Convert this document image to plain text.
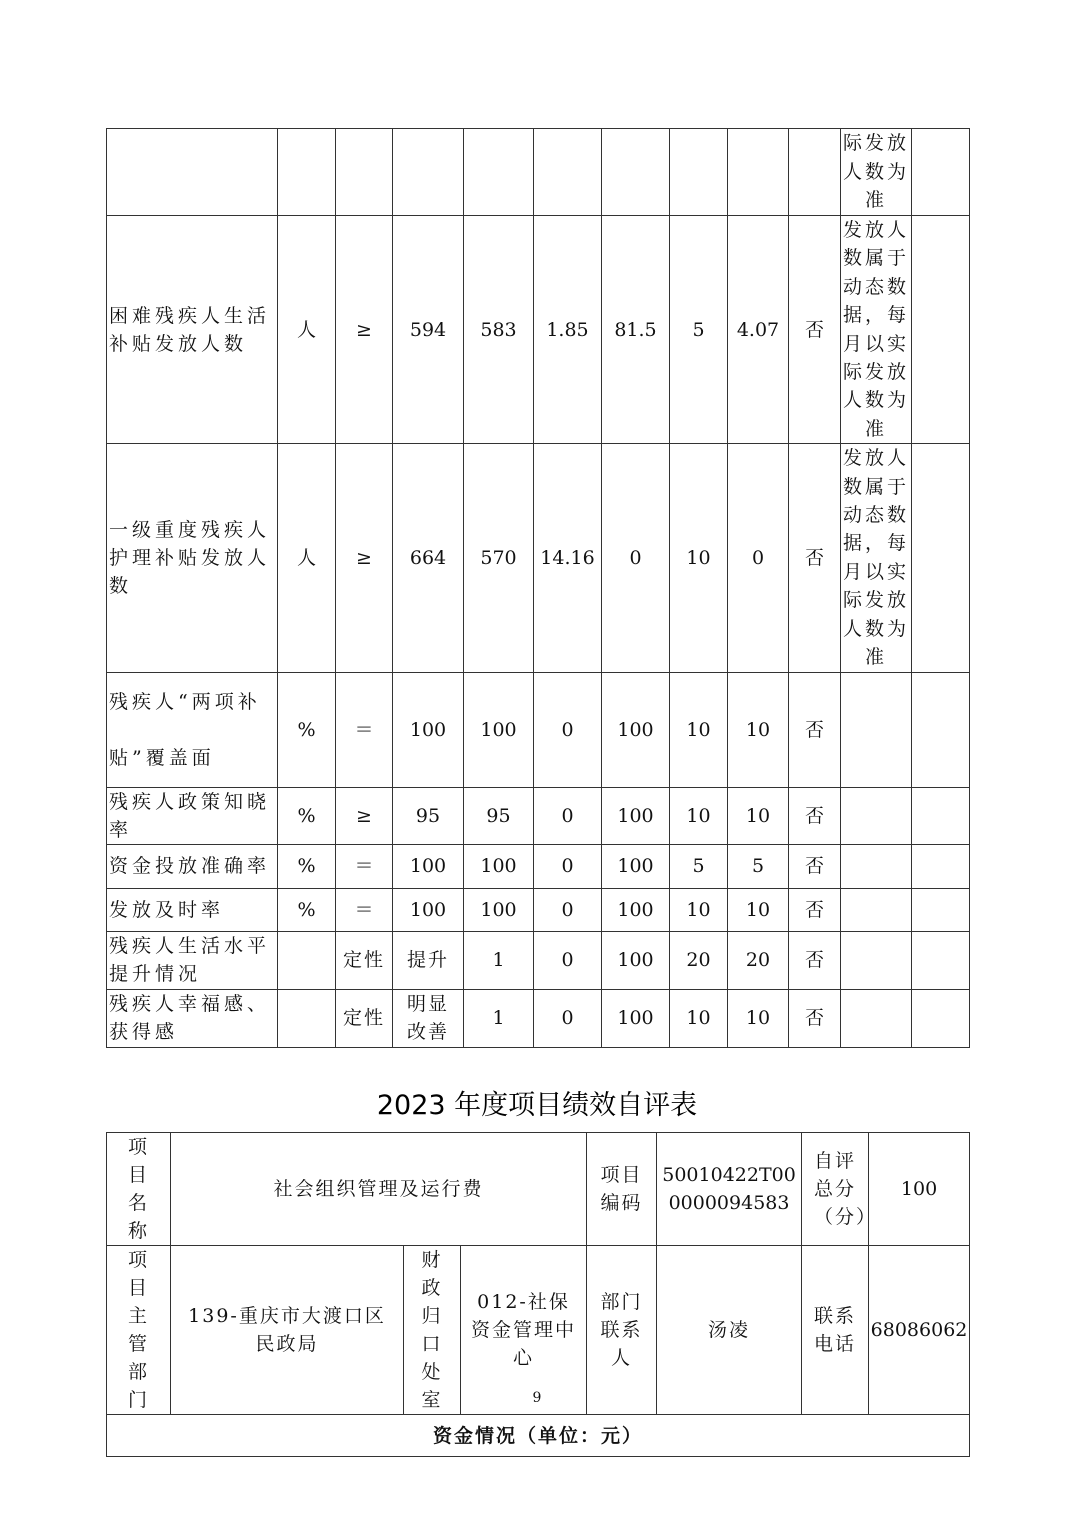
										际发放人数为准	
困难残疾人生活补贴发放人数	人	≥	594	583	1.85	81.5	5	4.07	否	发放人数属于动态数据，每月以实际发放人数为准	
一级重度残疾人护理补贴发放人数	人	≥	664	570	14.16	0	10	0	否	发放人数属于动态数据，每月以实际发放人数为准	
残疾人“两项补贴”覆盖面	%	＝	100	100	0	100	10	10	否		
残疾人政策知晓率	%	≥	95	95	0	100	10	10	否		
资金投放准确率	%	＝	100	100	0	100	5	5	否		
发放及时率	%	＝	100	100	0	100	10	10	否		
残疾人生活水平提升情况		定性	提升	1	0	100	20	20	否		
残疾人幸福感、获得感		定性	明显改善	1	0	100	10	10	否		
2023 年度项目绩效自评表
项目名称	社会组织管理及运行费			项目编码	50010422T000000094583	自评总分（分）	100
项目主管部门	139-重庆市大渡口区民政局	财政归口处室	012-社保资金管理中心	部门联系人	汤凌	联系电话	68086062
资金情况（单位：元）							
9
